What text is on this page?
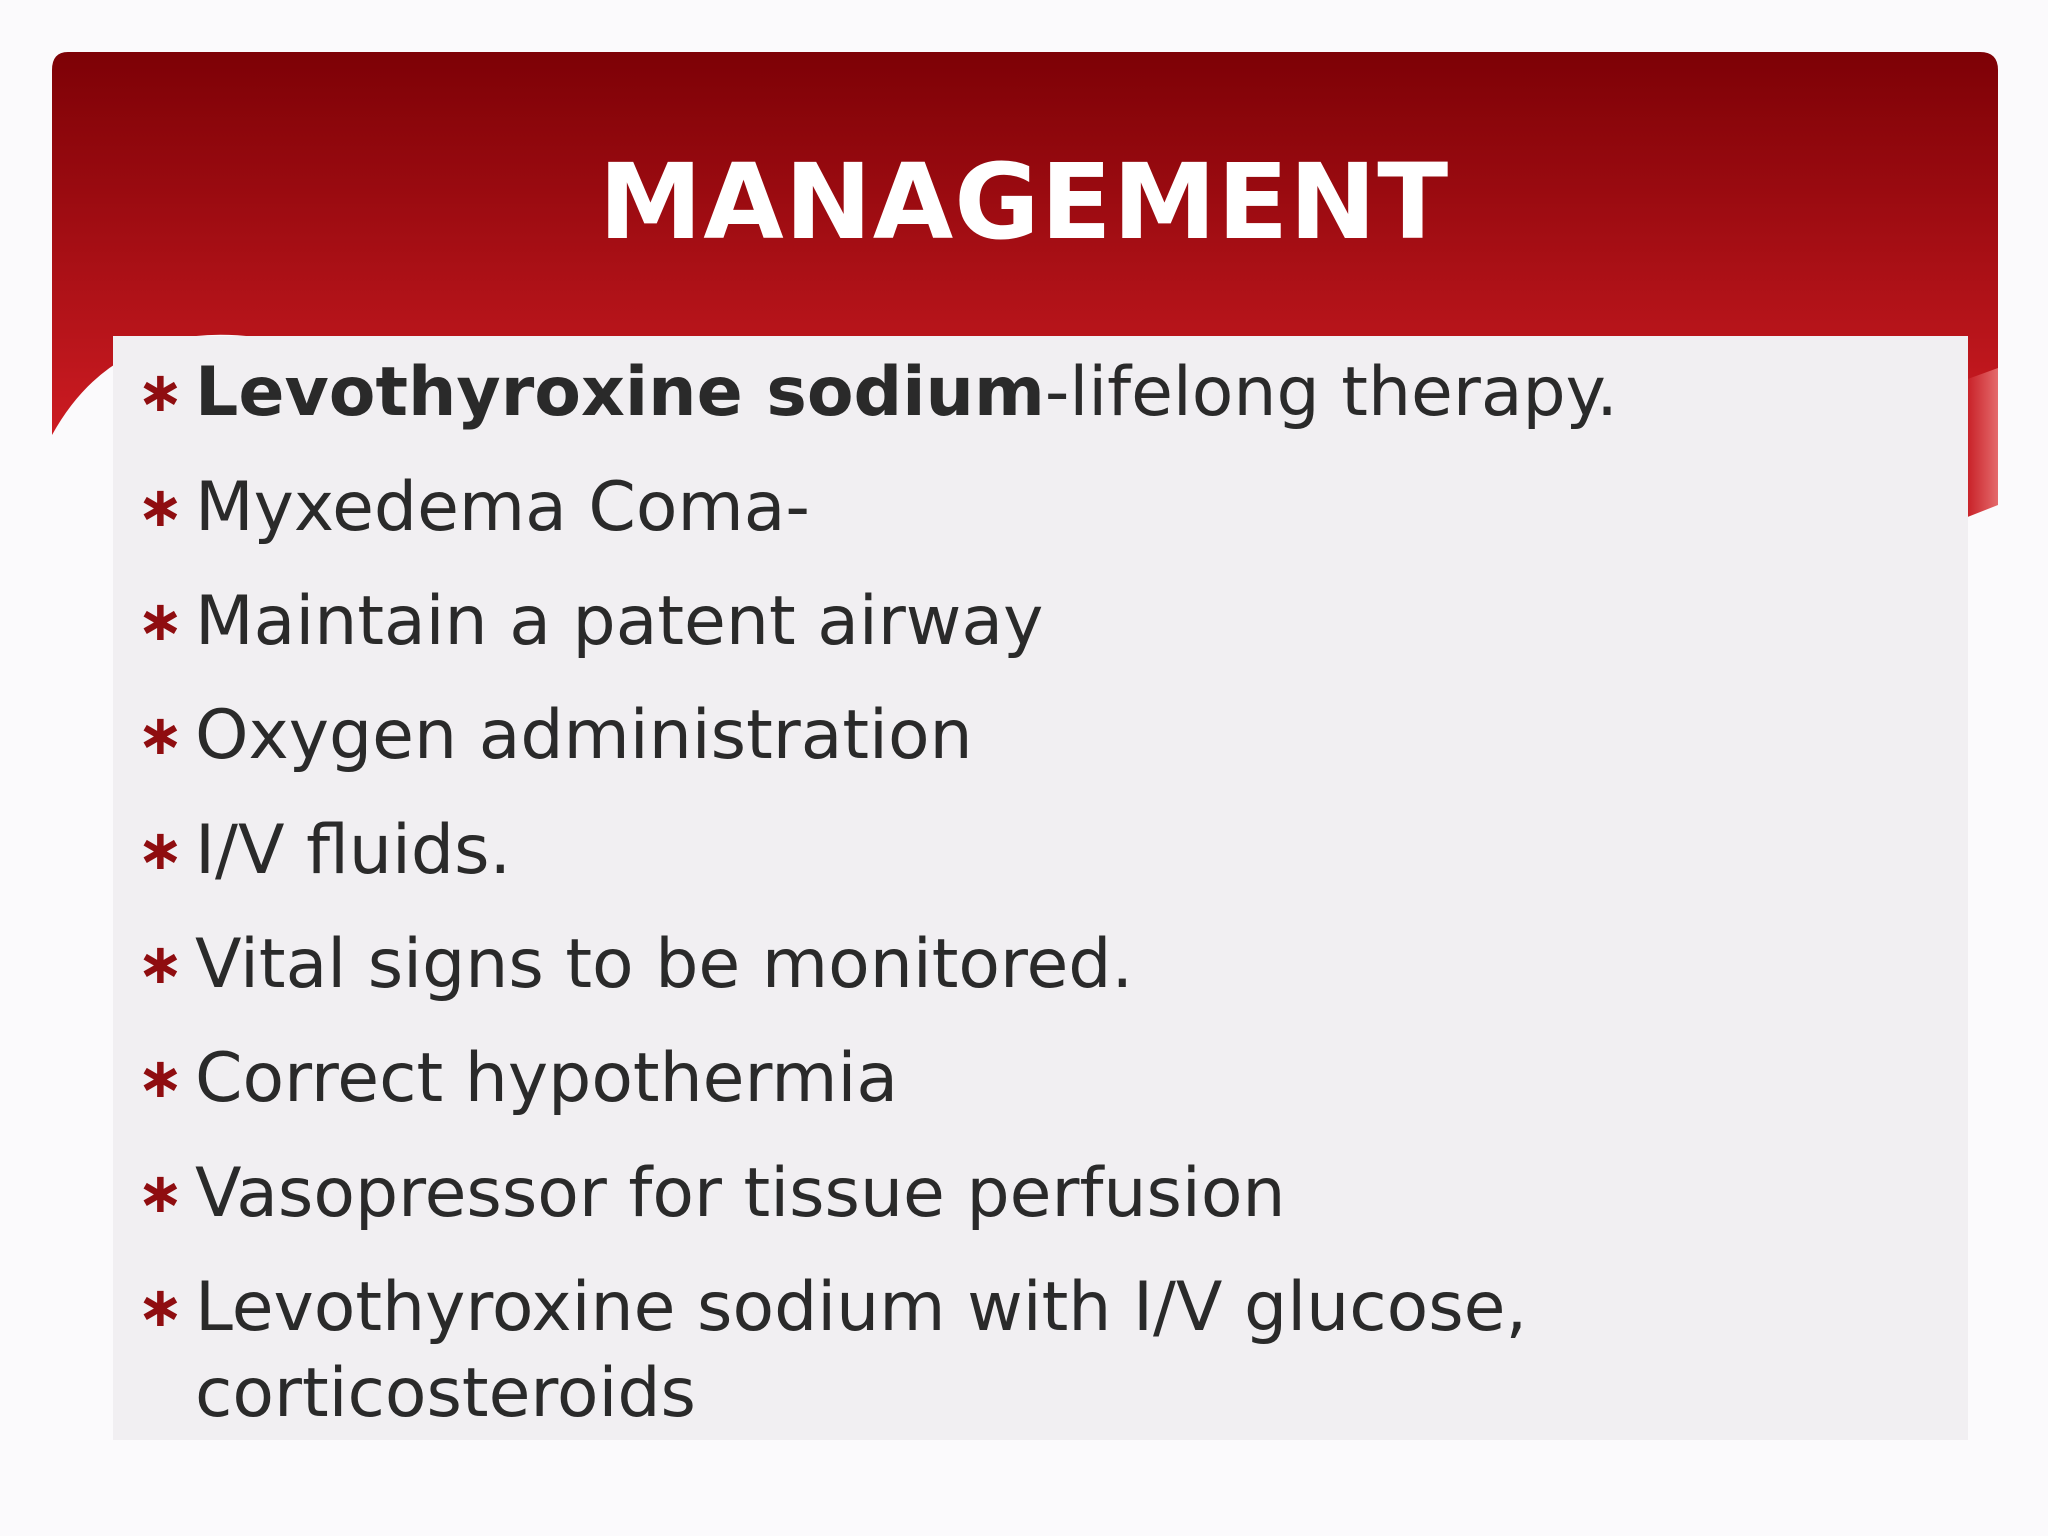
MANAGEMENT
∗ Levothyroxine sodium-lifelong therapy.
∗ Myxedema Coma-
∗ Maintain a patent airway
∗ Oxygen administration
∗ I/V fluids.
∗ Vital signs to be monitored.
∗ Correct hypothermia
∗ Vasopressor for tissue perfusion
∗ Levothyroxine sodium with I/V glucose,
corticosteroids
